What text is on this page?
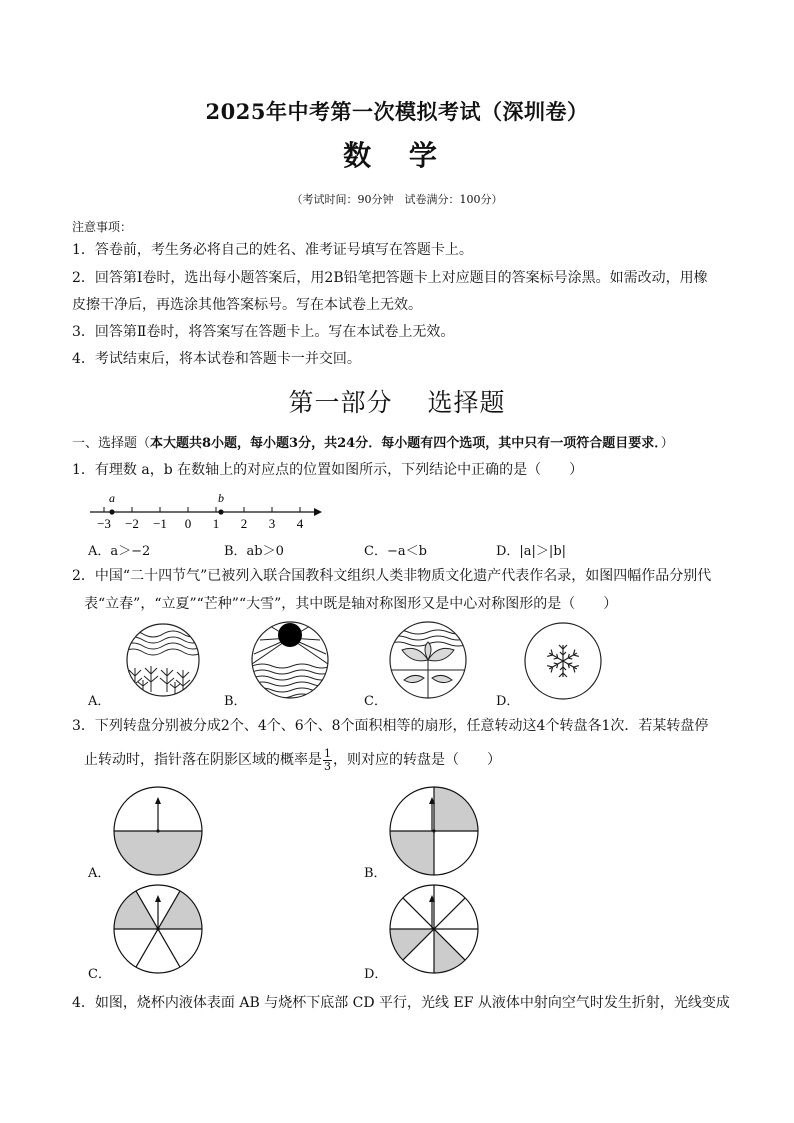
2025年中考第一次模拟考试（深圳卷）
数 学
（考试时间：90分钟　试卷满分：100分）
注意事项：
1．答卷前，考生务必将自己的姓名、准考证号填写在答题卡上。
2．回答第Ⅰ卷时，选出每小题答案后，用2B铅笔把答题卡上对应题目的答案标号涂黑。如需改动，用橡
皮擦干净后，再选涂其他答案标号。写在本试卷上无效。
3．回答第Ⅱ卷时，将答案写在答题卡上。写在本试卷上无效。
4．考试结束后，将本试卷和答题卡一并交回。
第一部分　 选择题
一、选择题（本大题共8小题，每小题3分，共24分．每小题有四个选项，其中只有一项符合题目要求．）
1．有理数 a，b 在数轴上的对应点的位置如图所示，下列结论中正确的是（　　）
a	b
−3 −2 −1 0 1 2 3 4
A．a＞−2	B．ab＞0	C．−a＜b	D．|a|＞|b|
2．中国“二十四节气”已被列入联合国教科文组织人类非物质文化遗产代表作名录，如图四幅作品分别代
表“立春”，“立夏”“芒种”“大雪”，其中既是轴对称图形又是中心对称图形的是（　　）
A．	B．	C．	D．
3．下列转盘分别被分成2个、4个、6个、8个面积相等的扇形，任意转动这4个转盘各1次．若某转盘停
止转动时，指针落在阴影区域的概率是 $\frac{1}{3}$ ，则对应的转盘是（　　）
A．	B．
C．	D．
4．如图，烧杯内液体表面 AB 与烧杯下底部 CD 平行，光线 EF 从液体中射向空气时发生折射，光线变成
